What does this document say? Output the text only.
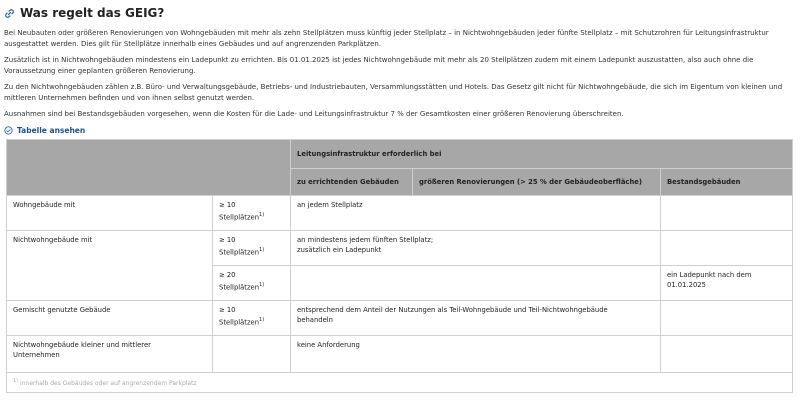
Was regelt das GEIG?

Bei Neubauten oder größeren Renovierungen von Wohngebäuden mit mehr als zehn Stellplätzen muss künftig jeder Stellplatz – in Nichtwohngebäuden jeder fünfte Stellplatz – mit Schutzrohren für Leitungsinfrastruktur ausgestattet werden. Dies gilt für Stellplätze innerhalb eines Gebäudes und auf angrenzenden Parkplätzen.

Zusätzlich ist in Nichtwohngebäuden mindestens ein Ladepunkt zu errichten. Bis 01.01.2025 ist jedes Nichtwohngebäude mit mehr als 20 Stellplätzen zudem mit einem Ladepunkt auszustatten, also auch ohne die Voraussetzung einer geplanten größeren Renovierung.

Zu den Nichtwohngebäuden zählen z.B. Büro- und Verwaltungsgebäude, Betriebs- und Industriebauten, Versammlungsstätten und Hotels. Das Gesetz gilt nicht für Nichtwohngebäude, die sich im Eigentum von kleinen und mittleren Unternehmen befinden und von ihnen selbst genutzt werden.

Ausnahmen sind bei Bestandsgebäuden vorgesehen, wenn die Kosten für die Lade- und Leitungsinfrastruktur 7 % der Gesamtkosten einer größeren Renovierung überschreiten.

Tabelle ansehen
		Leitungsinfrastruktur erforderlich bei		
		zu errichtenden Gebäuden	größeren Renovierungen (> 25 % der Gebäudeoberfläche)	Bestandsgebäuden
Wohngebäude mit	≥ 10
Stellplätzen$^{1)}$	an jedem Stellplatz		
Nichtwohngebäude mit	≥ 10
Stellplätzen$^{1)}$	an mindestens jedem fünften Stellplatz;
zusätzlich ein Ladepunkt		
	≥ 20
Stellplätzen$^{1)}$			ein Ladepunkt nach dem
01.01.2025
Gemischt genutzte Gebäude	≥ 10
Stellplätzen$^{1)}$	entsprechend dem Anteil der Nutzungen als Teil-Wohngebäude und Teil-Nichtwohngebäude
behandeln		
Nichtwohngebäude kleiner und mittlerer
Unternehmen		keine Anforderung		
$^{1)}$ innerhalb des Gebäudes oder auf angrenzendem Parkplatz				
